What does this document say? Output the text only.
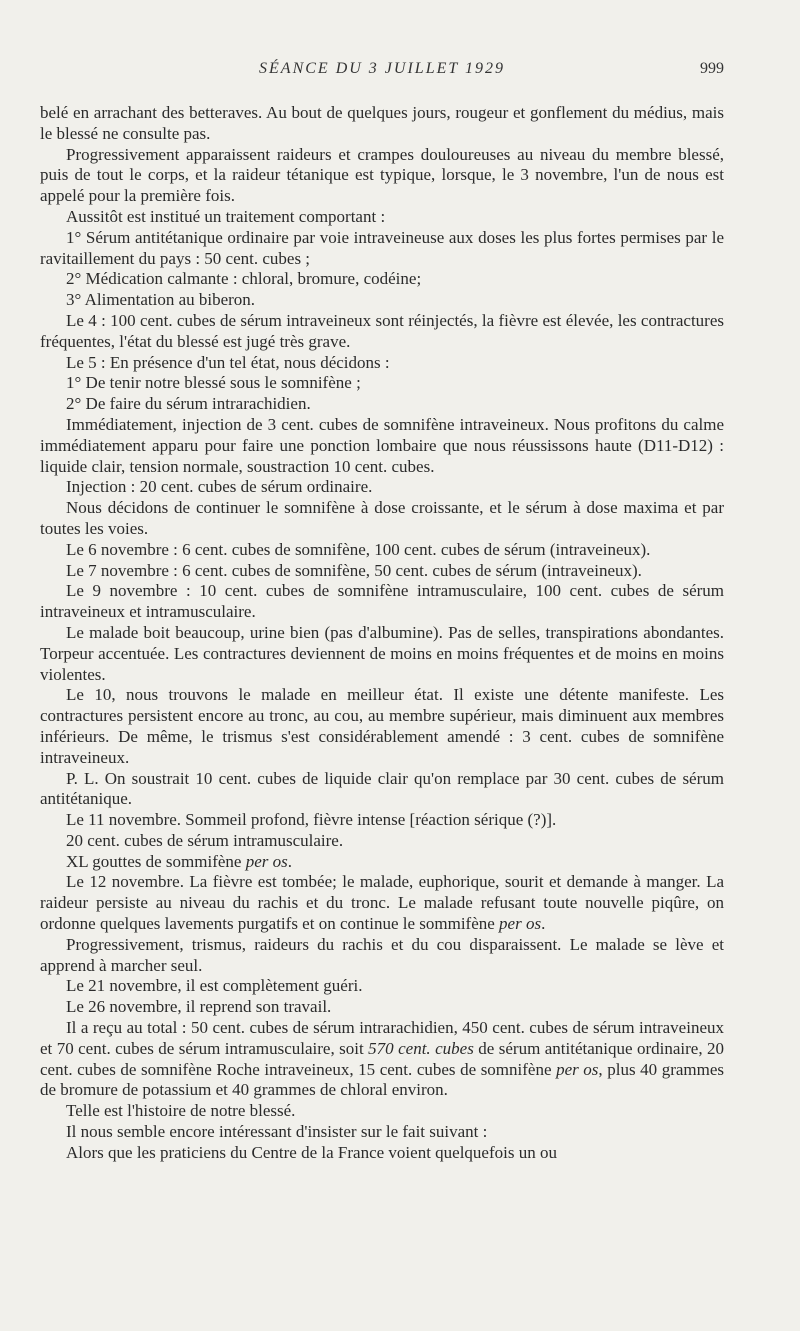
SÉANCE DU 3 JUILLET 1929	999

belé en arrachant des betteraves. Au bout de quelques jours, rougeur et gonflement du médius, mais le blessé ne consulte pas.

Progressivement apparaissent raideurs et crampes douloureuses au niveau du membre blessé, puis de tout le corps, et la raideur tétanique est typique, lorsque, le 3 novembre, l'un de nous est appelé pour la première fois.

Aussitôt est institué un traitement comportant :

1° Sérum antitétanique ordinaire par voie intraveineuse aux doses les plus fortes permises par le ravitaillement du pays : 50 cent. cubes ;

2° Médication calmante : chloral, bromure, codéine;

3° Alimentation au biberon.

Le 4 : 100 cent. cubes de sérum intraveineux sont réinjectés, la fièvre est élevée, les contractures fréquentes, l'état du blessé est jugé très grave.

Le 5 : En présence d'un tel état, nous décidons :

1° De tenir notre blessé sous le somnifène ;

2° De faire du sérum intrarachidien.

Immédiatement, injection de 3 cent. cubes de somnifène intraveineux. Nous profitons du calme immédiatement apparu pour faire une ponction lombaire que nous réussissons haute (D11-D12) : liquide clair, tension normale, soustraction 10 cent. cubes.

Injection : 20 cent. cubes de sérum ordinaire.

Nous décidons de continuer le somnifène à dose croissante, et le sérum à dose maxima et par toutes les voies.

Le 6 novembre : 6 cent. cubes de somnifène, 100 cent. cubes de sérum (intraveineux).

Le 7 novembre : 6 cent. cubes de somnifène, 50 cent. cubes de sérum (intraveineux).

Le 9 novembre : 10 cent. cubes de somnifène intramusculaire, 100 cent. cubes de sérum intraveineux et intramusculaire.

Le malade boit beaucoup, urine bien (pas d'albumine). Pas de selles, transpirations abondantes. Torpeur accentuée. Les contractures deviennent de moins en moins fréquentes et de moins en moins violentes.

Le 10, nous trouvons le malade en meilleur état. Il existe une détente manifeste. Les contractures persistent encore au tronc, au cou, au membre supérieur, mais diminuent aux membres inférieurs. De même, le trismus s'est considérablement amendé : 3 cent. cubes de somnifène intraveineux.

P. L. On soustrait 10 cent. cubes de liquide clair qu'on remplace par 30 cent. cubes de sérum antitétanique.

Le 11 novembre. Sommeil profond, fièvre intense [réaction sérique (?)].

20 cent. cubes de sérum intramusculaire.

XL gouttes de sommifène per os.

Le 12 novembre. La fièvre est tombée; le malade, euphorique, sourit et demande à manger. La raideur persiste au niveau du rachis et du tronc. Le malade refusant toute nouvelle piqûre, on ordonne quelques lavements purgatifs et on continue le sommifène per os.

Progressivement, trismus, raideurs du rachis et du cou disparaissent. Le malade se lève et apprend à marcher seul.

Le 21 novembre, il est complètement guéri.

Le 26 novembre, il reprend son travail.

Il a reçu au total : 50 cent. cubes de sérum intrarachidien, 450 cent. cubes de sérum intraveineux et 70 cent. cubes de sérum intramusculaire, soit 570 cent. cubes de sérum antitétanique ordinaire, 20 cent. cubes de somnifène Roche intraveineux, 15 cent. cubes de somnifène per os, plus 40 grammes de bromure de potassium et 40 grammes de chloral environ.

Telle est l'histoire de notre blessé.

Il nous semble encore intéressant d'insister sur le fait suivant :

Alors que les praticiens du Centre de la France voient quelquefois un ou
